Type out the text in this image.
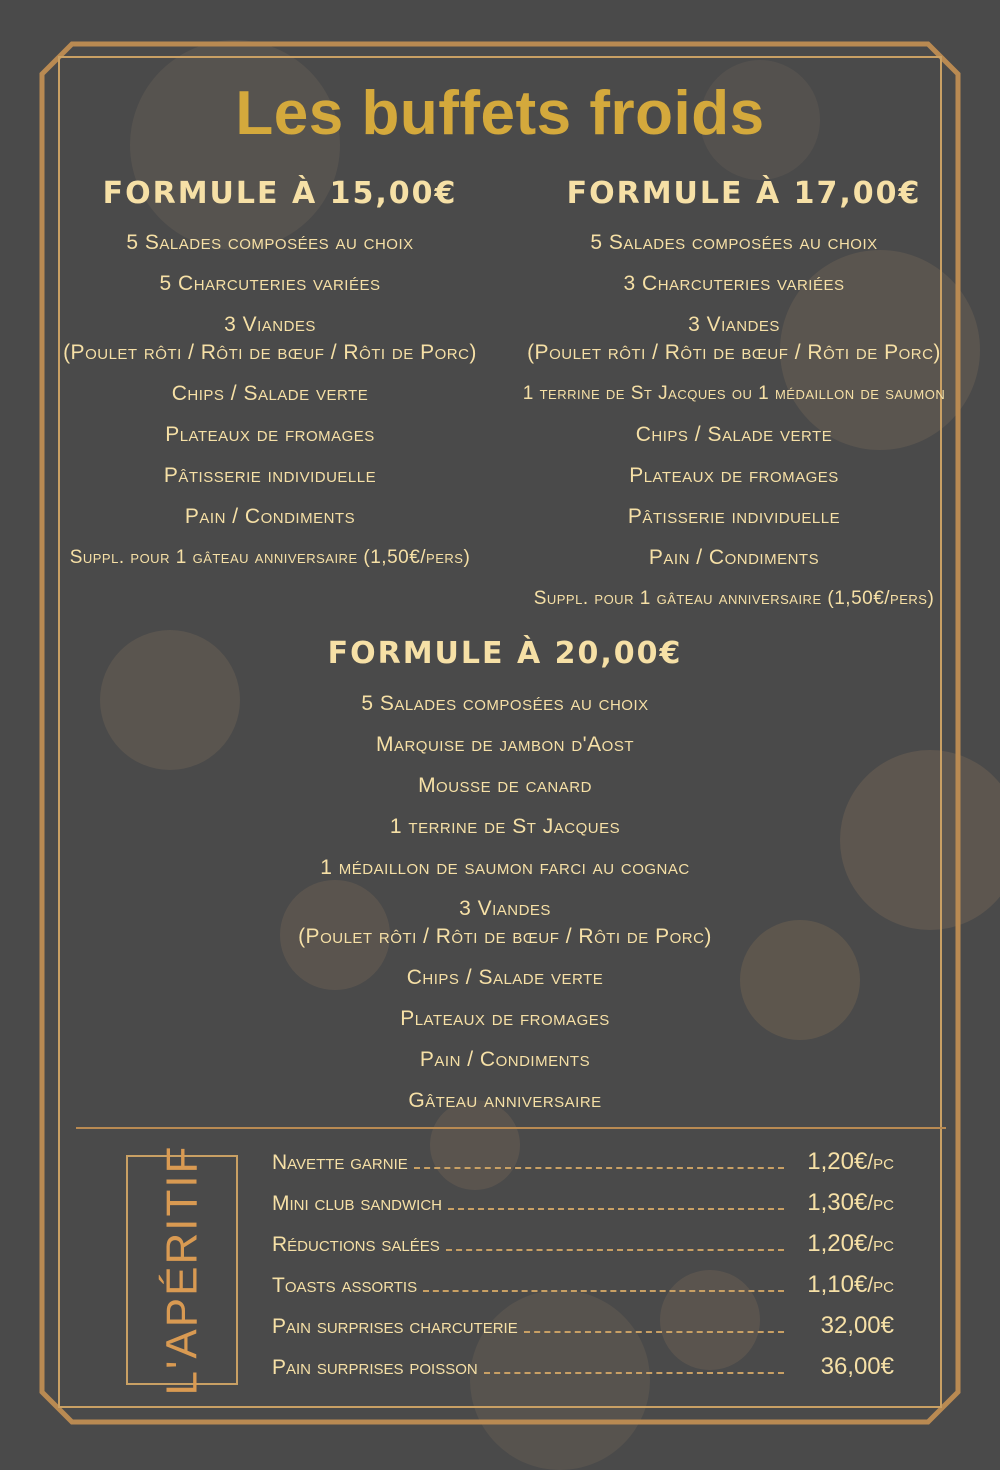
Les buffets froids
FORMULE À 15,00€
5 Salades composées au choix
5 Charcuteries variées
3 Viandes
(Poulet rôti / Rôti de bœuf / Rôti de Porc)
Chips / Salade verte
Plateaux de fromages
Pâtisserie individuelle
Pain / Condiments
Suppl. pour 1 gâteau anniversaire (1,50€/pers)
FORMULE À 17,00€
5 Salades composées au choix
3 Charcuteries variées
3 Viandes
(Poulet rôti / Rôti de bœuf / Rôti de Porc)
1 terrine de St Jacques ou 1 médaillon de saumon
Chips / Salade verte
Plateaux de fromages
Pâtisserie individuelle
Pain / Condiments
Suppl. pour 1 gâteau anniversaire (1,50€/pers)
FORMULE À 20,00€
5 Salades composées au choix
Marquise de jambon d'Aost
Mousse de canard
1 terrine de St Jacques
1 médaillon de saumon farci au cognac
3 Viandes
(Poulet rôti / Rôti de bœuf / Rôti de Porc)
Chips / Salade verte
Plateaux de fromages
Pain / Condiments
Gâteau anniversaire
L'APÉRITIF	Navette garnie	1,20€/pc
Mini club sandwich	1,30€/pc
Réductions salées	1,20€/pc
Toasts assortis	1,10€/pc
Pain surprises charcuterie	32,00€
Pain surprises poisson	36,00€
